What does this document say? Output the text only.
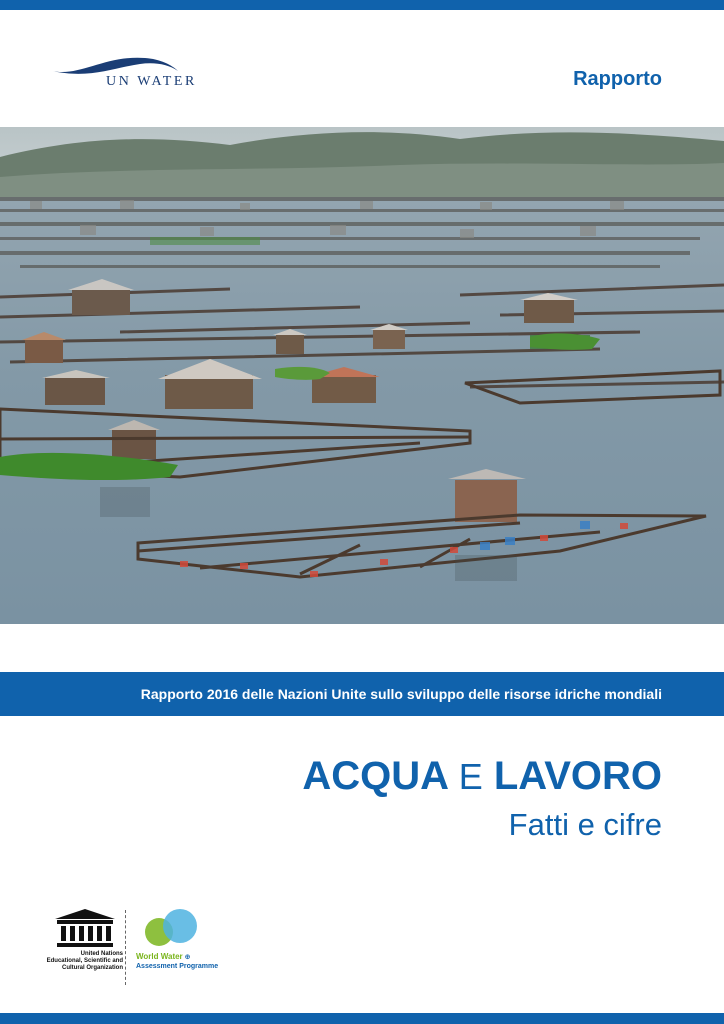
UN WATER	Rapporto
Rapporto 2016 delle Nazioni Unite sullo sviluppo delle risorse idriche mondiali
ACQUA E LAVORO
Fatti e cifre
United Nations Educational, Scientific and Cultural Organization
World Water ⊕
Assessment Programme
